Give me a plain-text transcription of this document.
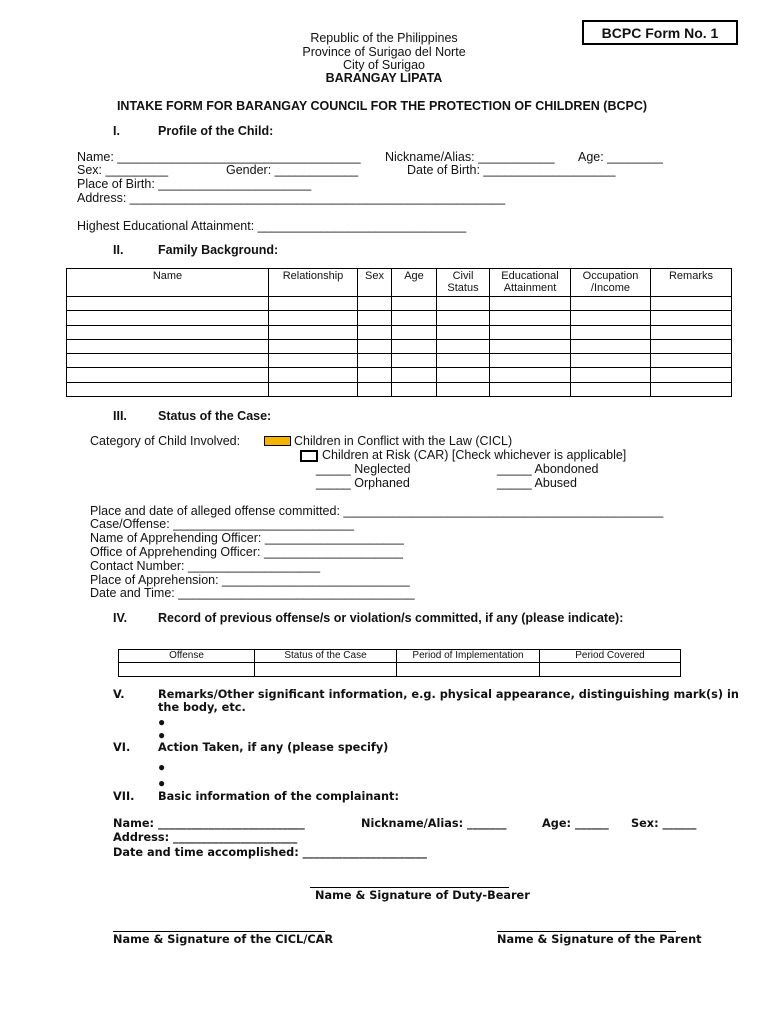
BCPC Form No. 1
Republic of the Philippines
Province of Surigao del Norte
City of Surigao
BARANGAY LIPATA
INTAKE FORM FOR BARANGAY COUNCIL FOR THE PROTECTION OF CHILDREN (BCPC)
I.	Profile of the Child:
Name: ___________________________________ Nickname/Alias: ___________ Age: ________
Sex: _________	Gender: ____________	Date of Birth: ___________________
Place of Birth: ______________________
Address: ______________________________________________________
Highest Educational Attainment: ______________________________
II.	Family Background:
Name	Relationship	Sex	Age	Civil Status	Educational Attainment	Occupation /Income	Remarks

III. Status of the Case:
Category of Child Involved:	Children in Conflict with the Law (CICL)
Children at Risk (CAR) [Check whichever is applicable]
_____ Neglected	_____ Abondoned
_____ Orphaned	_____ Abused
Place and date of alleged offense committed: ______________________________________________
Case/Offense: __________________________
Name of Apprehending Officer: ____________________
Office of Apprehending Officer: ____________________
Contact Number: ___________________
Place of Apprehension: ___________________________
Date and Time: __________________________________
IV. Record of previous offense/s or violation/s committed, if any (please indicate):
Offense	Status of the Case	Period of Implementation	Period Covered

V.	Remarks/Other significant information, e.g. physical appearance, distinguishing mark(s) in
the body, etc.
●
●
VI. Action Taken, if any (please specify)
●
●
VII. Basic information of the complainant:
Name: __________________________	Nickname/Alias: _______	Age: ______ Sex: ______
Address: ______________________
Date and time accomplished: ______________________
Name & Signature of Duty-Bearer
Name & Signature of the CICL/CAR	Name & Signature of the Parent
